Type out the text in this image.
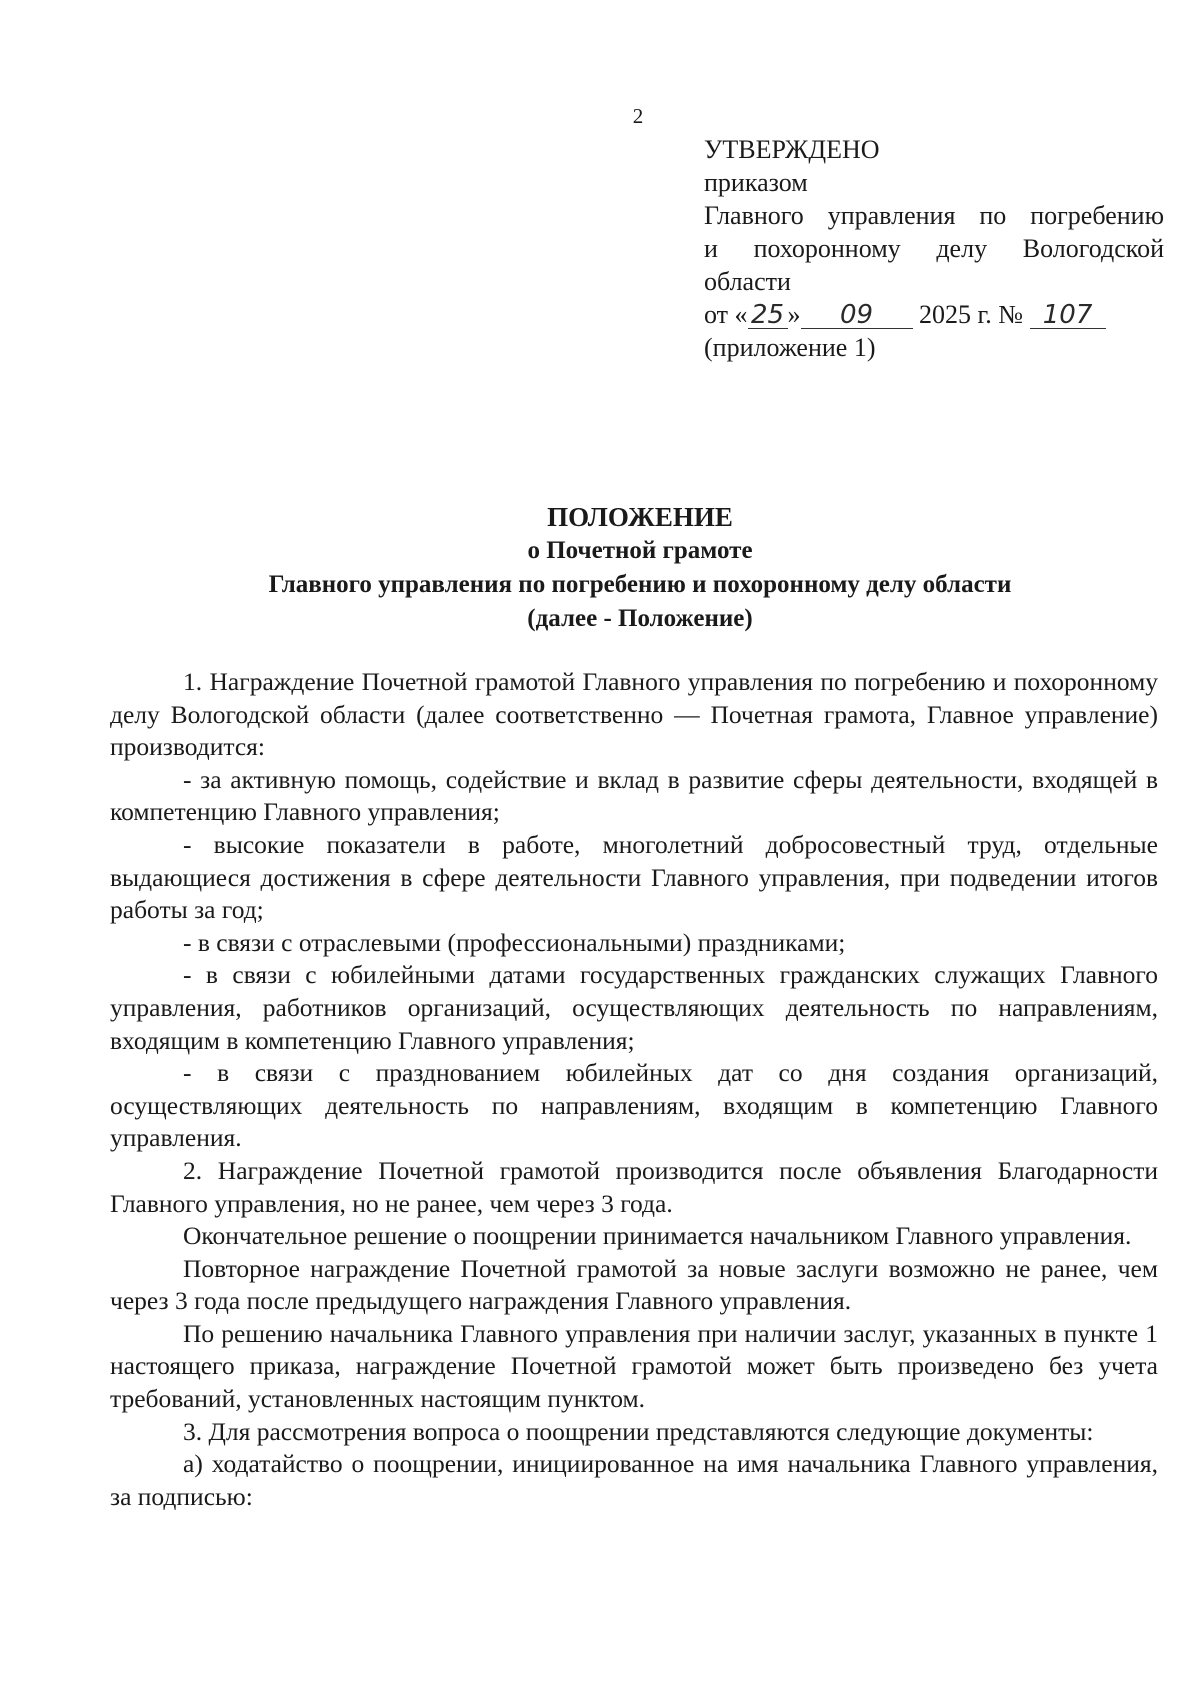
2
УТВЕРЖДЕНО
приказом
Главного управления по погребению
и похоронному делу Вологодской
области
от « 25 » 09 2025 г. № 107
(приложение 1)
ПОЛОЖЕНИЕ
о Почетной грамоте
Главного управления по погребению и похоронному делу области
(далее - Положение)

1. Награждение Почетной грамотой Главного управления по погребению и похоронному делу Вологодской области (далее соответственно — Почетная грамота, Главное управление) производится:

- за активную помощь, содействие и вклад в развитие сферы деятельности, входящей в компетенцию Главного управления;

- высокие показатели в работе, многолетний добросовестный труд, отдельные выдающиеся достижения в сфере деятельности Главного управления, при подведении итогов работы за год;

- в связи с отраслевыми (профессиональными) праздниками;

- в связи с юбилейными датами государственных гражданских служащих Главного управления, работников организаций, осуществляющих деятельность по направлениям, входящим в компетенцию Главного управления;

- в связи с празднованием юбилейных дат со дня создания организаций, осуществляющих деятельность по направлениям, входящим в компетенцию Главного управления.

2. Награждение Почетной грамотой производится после объявления Благодарности Главного управления, но не ранее, чем через 3 года.

Окончательное решение о поощрении принимается начальником Главного управления.

Повторное награждение Почетной грамотой за новые заслуги возможно не ранее, чем через 3 года после предыдущего награждения Главного управления.

По решению начальника Главного управления при наличии заслуг, указанных в пункте 1 настоящего приказа, награждение Почетной грамотой может быть произведено без учета требований, установленных настоящим пунктом.

3. Для рассмотрения вопроса о поощрении представляются следующие документы:

а) ходатайство о поощрении, инициированное на имя начальника Главного управления, за подписью:
